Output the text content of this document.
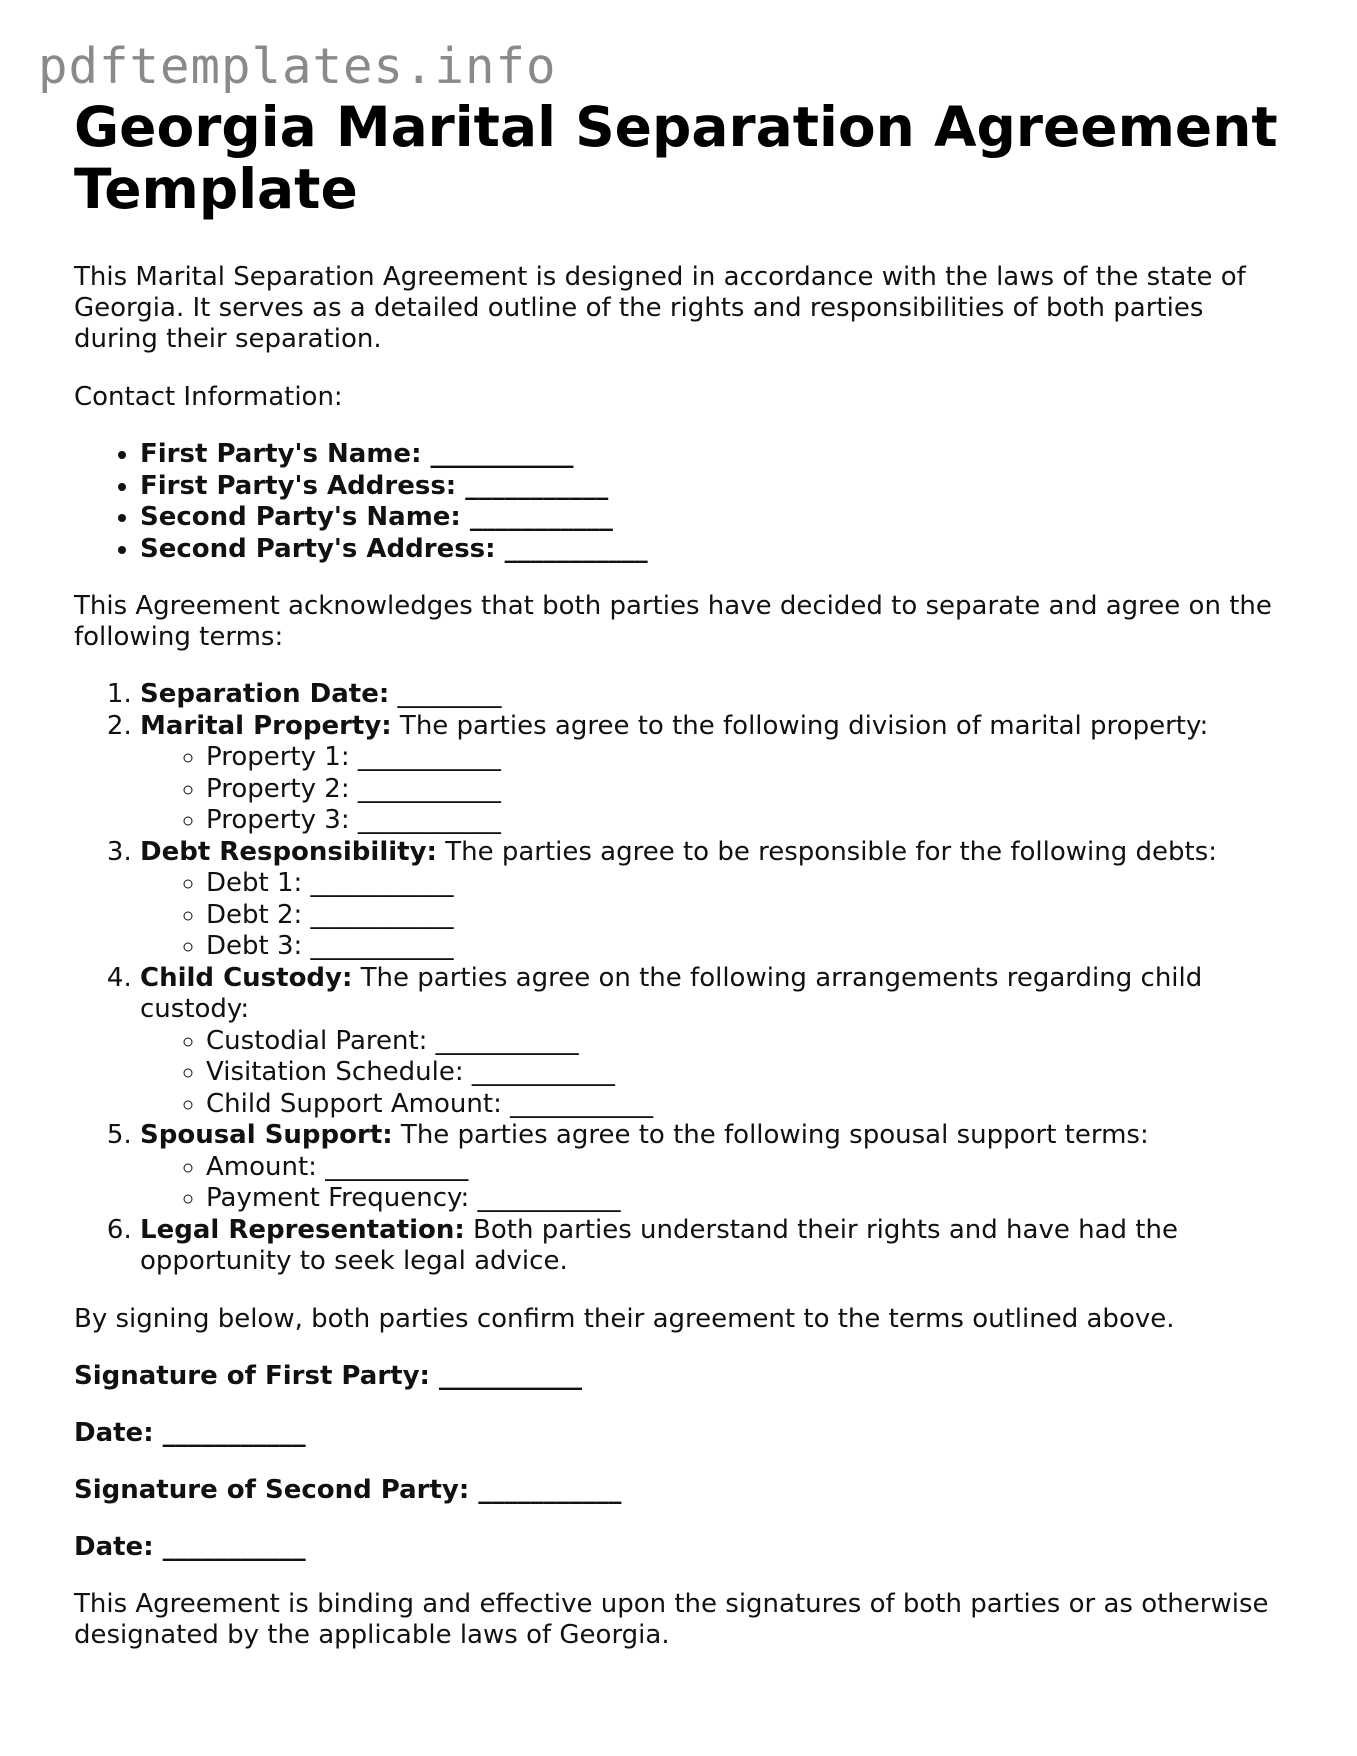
pdftemplates.info
Georgia Marital Separation Agreement Template

This Marital Separation Agreement is designed in accordance with the laws of the state of Georgia. It serves as a detailed outline of the rights and responsibilities of both parties during their separation.

Contact Information:

• First Party's Name: ___________
• First Party's Address: ___________
• Second Party's Name: ___________
• Second Party's Address: ___________

This Agreement acknowledges that both parties have decided to separate and agree on the following terms:

1. Separation Date: ________
2. Marital Property: The parties agree to the following division of marital property:
◦ Property 1: ___________
◦ Property 2: ___________
◦ Property 3: ___________
3. Debt Responsibility: The parties agree to be responsible for the following debts:
◦ Debt 1: ___________
◦ Debt 2: ___________
◦ Debt 3: ___________
4. Child Custody: The parties agree on the following arrangements regarding child custody:
◦ Custodial Parent: ___________
◦ Visitation Schedule: ___________
◦ Child Support Amount: ___________
5. Spousal Support: The parties agree to the following spousal support terms:
◦ Amount: ___________
◦ Payment Frequency: ___________
6. Legal Representation: Both parties understand their rights and have had the opportunity to seek legal advice.

By signing below, both parties confirm their agreement to the terms outlined above.

Signature of First Party: ___________

Date: ___________

Signature of Second Party: ___________

Date: ___________

This Agreement is binding and effective upon the signatures of both parties or as otherwise designated by the applicable laws of Georgia.
